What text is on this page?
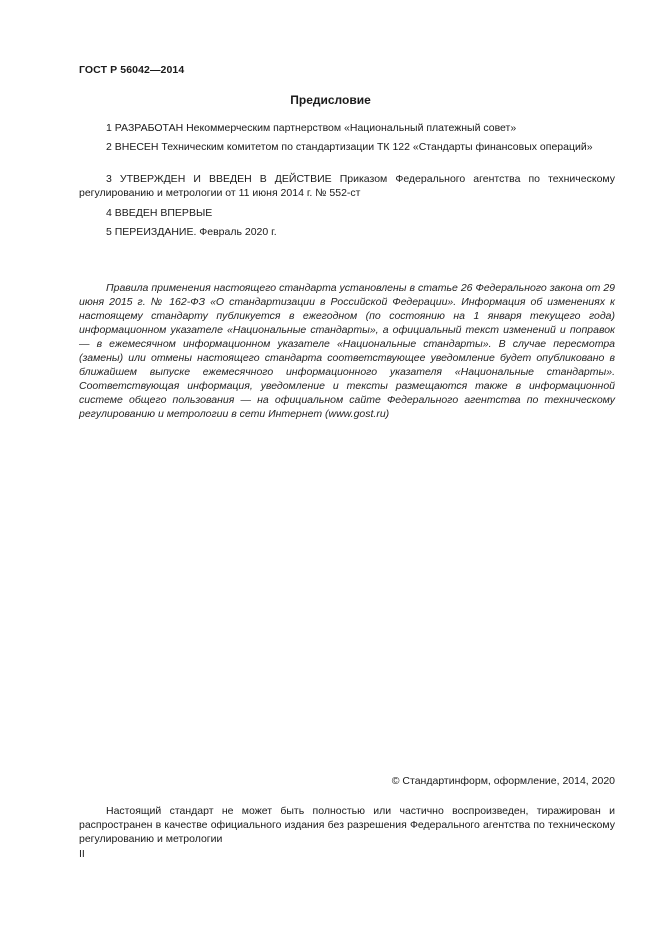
ГОСТ Р 56042—2014
Предисловие
1 РАЗРАБОТАН Некоммерческим партнерством «Национальный платежный совет»
2 ВНЕСЕН Техническим комитетом по стандартизации ТК 122 «Стандарты финансовых операций»
3 УТВЕРЖДЕН И ВВЕДЕН В ДЕЙСТВИЕ Приказом Федерального агентства по техническому регулированию и метрологии от 11 июня 2014 г. № 552-ст
4 ВВЕДЕН ВПЕРВЫЕ
5 ПЕРЕИЗДАНИЕ. Февраль 2020 г.
Правила применения настоящего стандарта установлены в статье 26 Федерального закона от 29 июня 2015 г. № 162-ФЗ «О стандартизации в Российской Федерации». Информация об изменениях к настоящему стандарту публикуется в ежегодном (по состоянию на 1 января текущего года) информационном указателе «Национальные стандарты», а официальный текст изменений и поправок — в ежемесячном информационном указателе «Национальные стандарты». В случае пересмотра (замены) или отмены настоящего стандарта соответствующее уведомление будет опубликовано в ближайшем выпуске ежемесячного информационного указателя «Национальные стандарты». Соответствующая информация, уведомление и тексты размещаются также в информационной системе общего пользования — на официальном сайте Федерального агентства по техническому регулированию и метрологии в сети Интернет (www.gost.ru)
© Стандартинформ, оформление, 2014, 2020
Настоящий стандарт не может быть полностью или частично воспроизведен, тиражирован и распространен в качестве официального издания без разрешения Федерального агентства по техническому регулированию и метрологии
II
